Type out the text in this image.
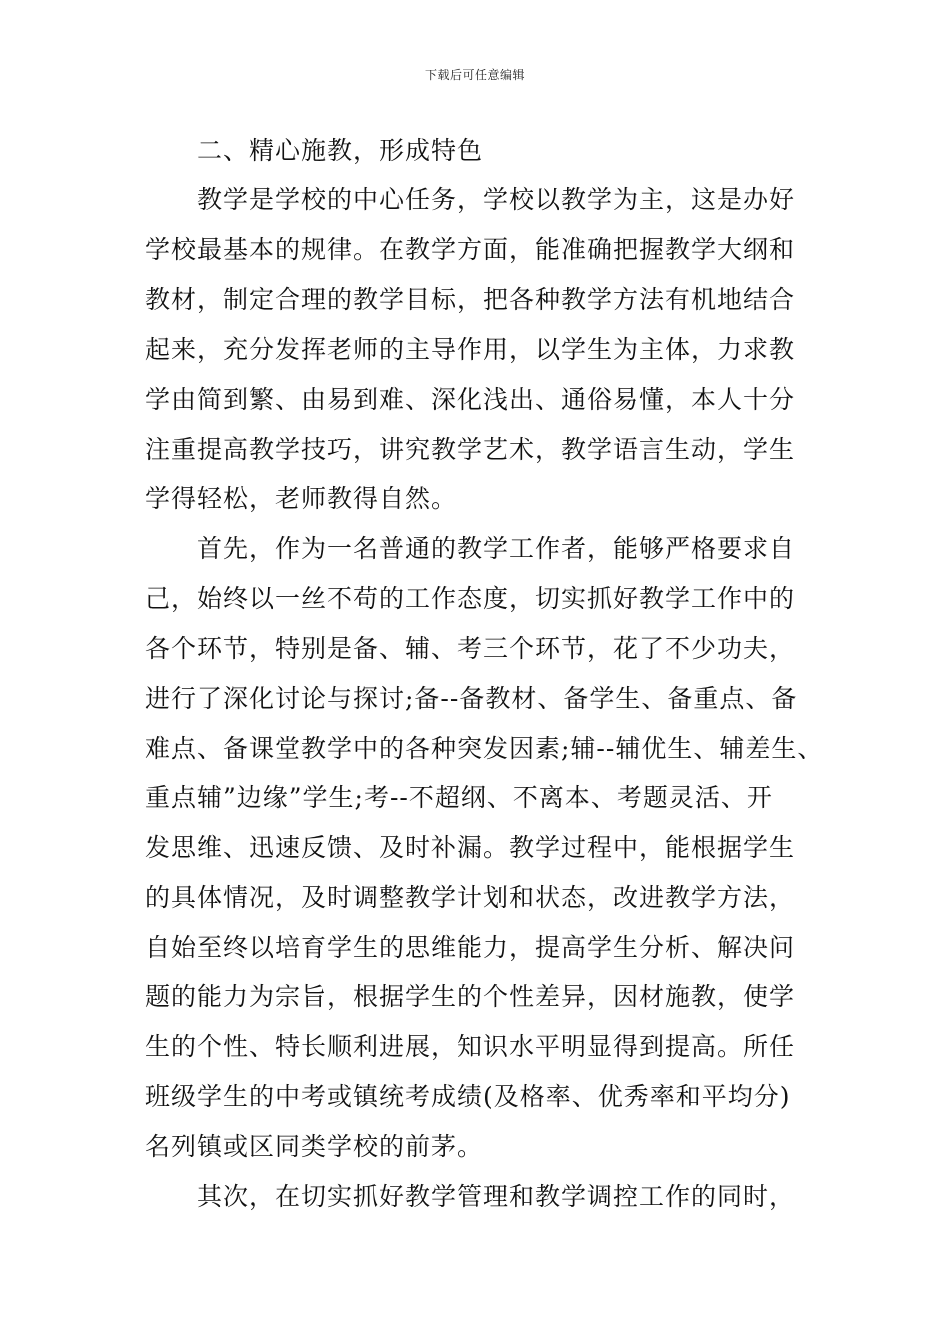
下载后可任意编辑
二、精心施教，形成特色
教学是学校的中心任务，学校以教学为主，这是办好
学校最基本的规律。在教学方面，能准确把握教学大纲和
教材，制定合理的教学目标，把各种教学方法有机地结合
起来，充分发挥老师的主导作用，以学生为主体，力求教
学由简到繁、由易到难、深化浅出、通俗易懂，本人十分
注重提高教学技巧，讲究教学艺术，教学语言生动，学生
学得轻松，老师教得自然。
首先，作为一名普通的教学工作者，能够严格要求自
己，始终以一丝不苟的工作态度，切实抓好教学工作中的
各个环节，特别是备、辅、考三个环节，花了不少功夫，
进行了深化讨论与探讨;备--备教材、备学生、备重点、备
难点、备课堂教学中的各种突发因素;辅--辅优生、辅差生、
重点辅”边缘”学生;考--不超纲、不离本、考题灵活、开
发思维、迅速反馈、及时补漏。教学过程中，能根据学生
的具体情况，及时调整教学计划和状态，改进教学方法，
自始至终以培育学生的思维能力，提高学生分析、解决问
题的能力为宗旨，根据学生的个性差异，因材施教，使学
生的个性、特长顺利进展，知识水平明显得到提高。所任
班级学生的中考或镇统考成绩(及格率、优秀率和平均分)
名列镇或区同类学校的前茅。
其次，在切实抓好教学管理和教学调控工作的同时，
